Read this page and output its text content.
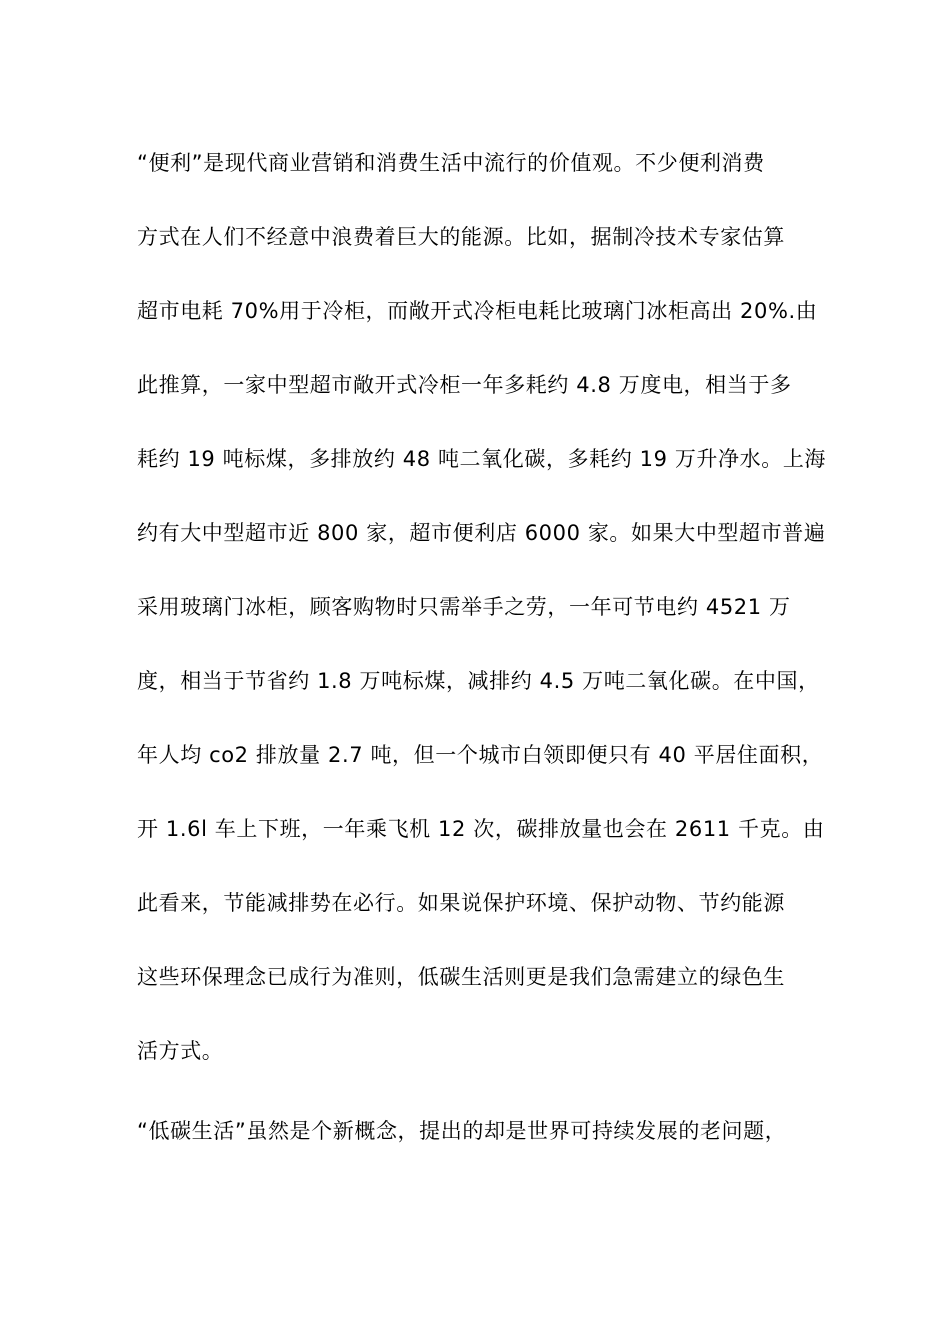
“便利”是现代商业营销和消费生活中流行的价值观。不少便利消费

方式在人们不经意中浪费着巨大的能源。比如，据制冷技术专家估算

超市电耗 70%用于冷柜，而敞开式冷柜电耗比玻璃门冰柜高出 20%.由

此推算，一家中型超市敞开式冷柜一年多耗约 4.8 万度电，相当于多

耗约 19 吨标煤，多排放约 48 吨二氧化碳，多耗约 19 万升净水。上海

约有大中型超市近 800 家，超市便利店 6000 家。如果大中型超市普遍

采用玻璃门冰柜，顾客购物时只需举手之劳，一年可节电约 4521 万

度，相当于节省约 1.8 万吨标煤，减排约 4.5 万吨二氧化碳。在中国，

年人均 co2 排放量 2.7 吨，但一个城市白领即便只有 40 平居住面积，

开 1.6l 车上下班，一年乘飞机 12 次，碳排放量也会在 2611 千克。由

此看来，节能减排势在必行。如果说保护环境、保护动物、节约能源

这些环保理念已成行为准则，低碳生活则更是我们急需建立的绿色生

活方式。

“低碳生活”虽然是个新概念，提出的却是世界可持续发展的老问题，
